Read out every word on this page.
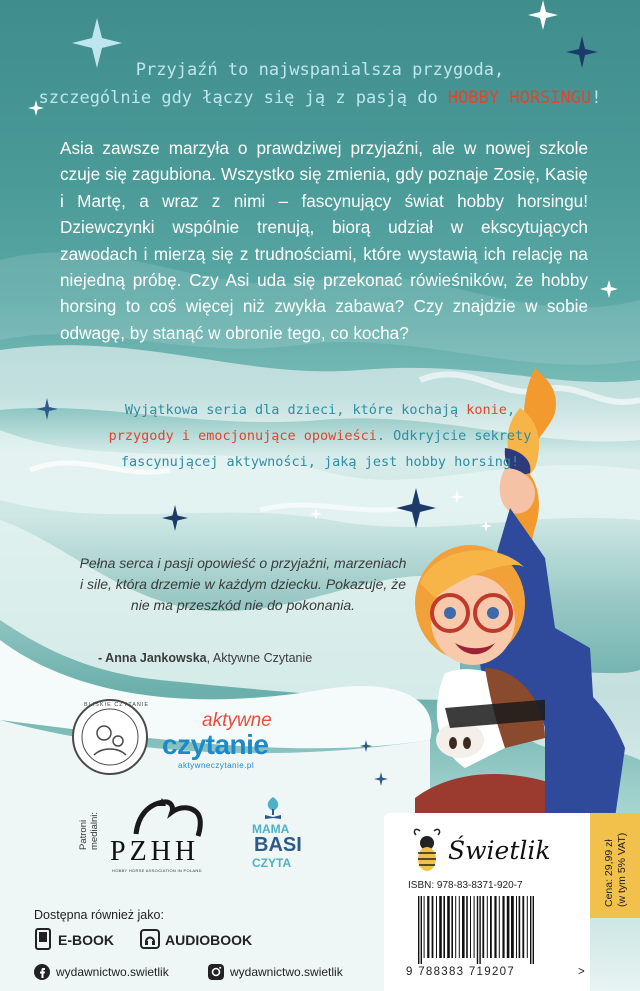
Przyjaźń to najwspanialsza przygoda,
szczególnie gdy łączy się ją z pasją do HOBBY HORSINGU!
Asia zawsze marzyła o prawdziwej przyjaźni, ale w nowej szkole czuje się zagubiona. Wszystko się zmienia, gdy poznaje Zosię, Kasię i Martę, a wraz z nimi – fascynujący świat hobby horsingu! Dziewczynki wspólnie trenują, biorą udział w ekscytujących zawodach i mierzą się z trudnościami, które wystawią ich relację na niejedną próbę. Czy Asi uda się przekonać rówieśników, że hobby horsing to coś więcej niż zwykła zabawa? Czy znajdzie w sobie odwagę, by stanąć w obronie tego, co kocha?
Wyjątkowa seria dla dzieci, które kochają konie,
przygody i emocjonujące opowieści. Odkryjcie sekrety
fascynującej aktywności, jaką jest hobby horsing!
Pełna serca i pasji opowieść o przyjaźni, marzeniach i sile, która drzemie w każdym dziecku. Pokazuje, że nie ma przeszkód nie do pokonania.
- Anna Jankowska, Aktywne Czytanie
BLISKIE CZYTANIE
aktywne
czytanie
aktywneczytanie.pl
Patroni medialni:
PZHH
HOBBY HORSE ASSOCIATION IN POLAND
MAMA
BASI
CZYTA
Dostępna również jako:
E-BOOK	AUDIOBOOK
wydawnictwo.swietlik	wydawnictwo.swietlik
Świetlik
ISBN: 978-83-8371-920-7
9 788383 719207	>
Cena: 29,99 zł (w tym 5% VAT)
